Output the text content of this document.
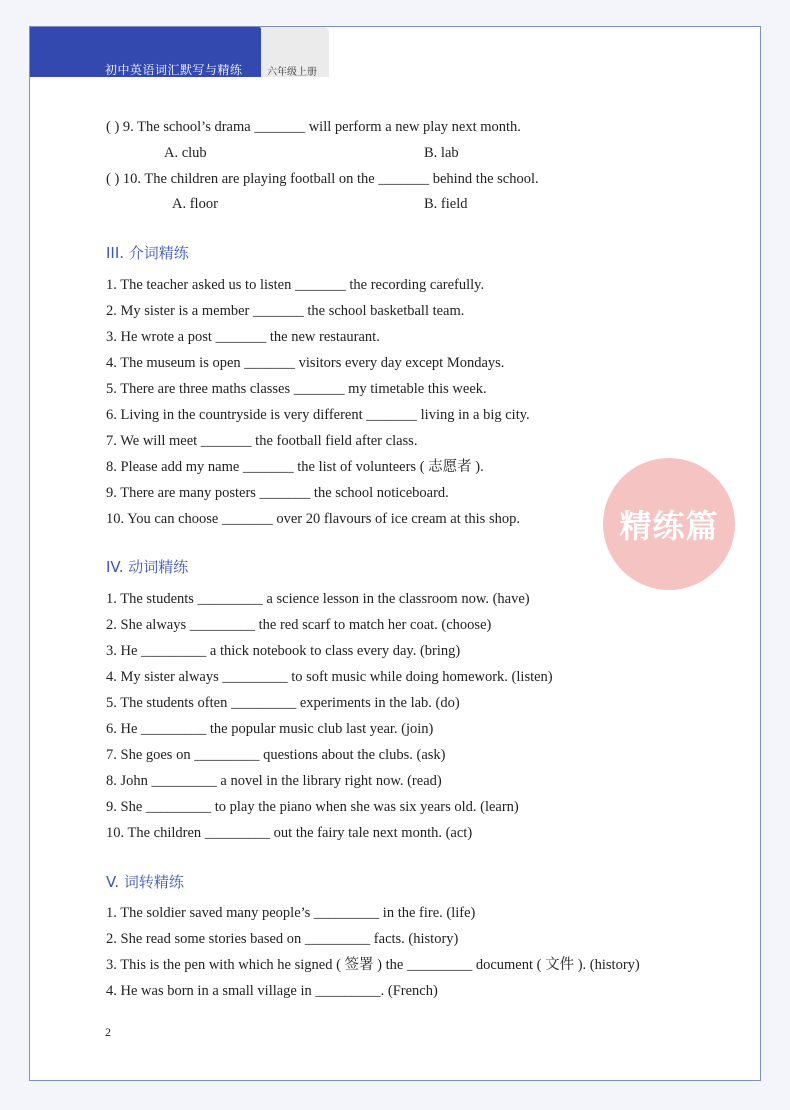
初中英语词汇默写与精练 六年级上册
( ) 9. The school’s drama _______ will perform a new play next month.
A. club	B. lab
( ) 10. The children are playing football on the _______ behind the school.
A. floor	B. field
III. 介词精练
1. The teacher asked us to listen _______ the recording carefully.
2. My sister is a member _______ the school basketball team.
3. He wrote a post _______ the new restaurant.
4. The museum is open _______ visitors every day except Mondays.
5. There are three maths classes _______ my timetable this week.
6. Living in the countryside is very different _______ living in a big city.
7. We will meet _______ the football field after class.
8. Please add my name _______ the list of volunteers ( 志愿者 ).
9. There are many posters _______ the school noticeboard.
10. You can choose _______ over 20 flavours of ice cream at this shop.	精练篇
IV. 动词精练
1. The students _________ a science lesson in the classroom now. (have)
2. She always _________ the red scarf to match her coat. (choose)
3. He _________ a thick notebook to class every day. (bring)
4. My sister always _________ to soft music while doing homework. (listen)
5. The students often _________ experiments in the lab. (do)
6. He _________ the popular music club last year. (join)
7. She goes on _________ questions about the clubs. (ask)
8. John _________ a novel in the library right now. (read)
9. She _________ to play the piano when she was six years old. (learn)
10. The children _________ out the fairy tale next month. (act)
V. 词转精练
1. The soldier saved many people’s _________ in the fire. (life)
2. She read some stories based on _________ facts. (history)
3. This is the pen with which he signed ( 签署 ) the _________ document ( 文件 ). (history)
4. He was born in a small village in _________. (French)
2
